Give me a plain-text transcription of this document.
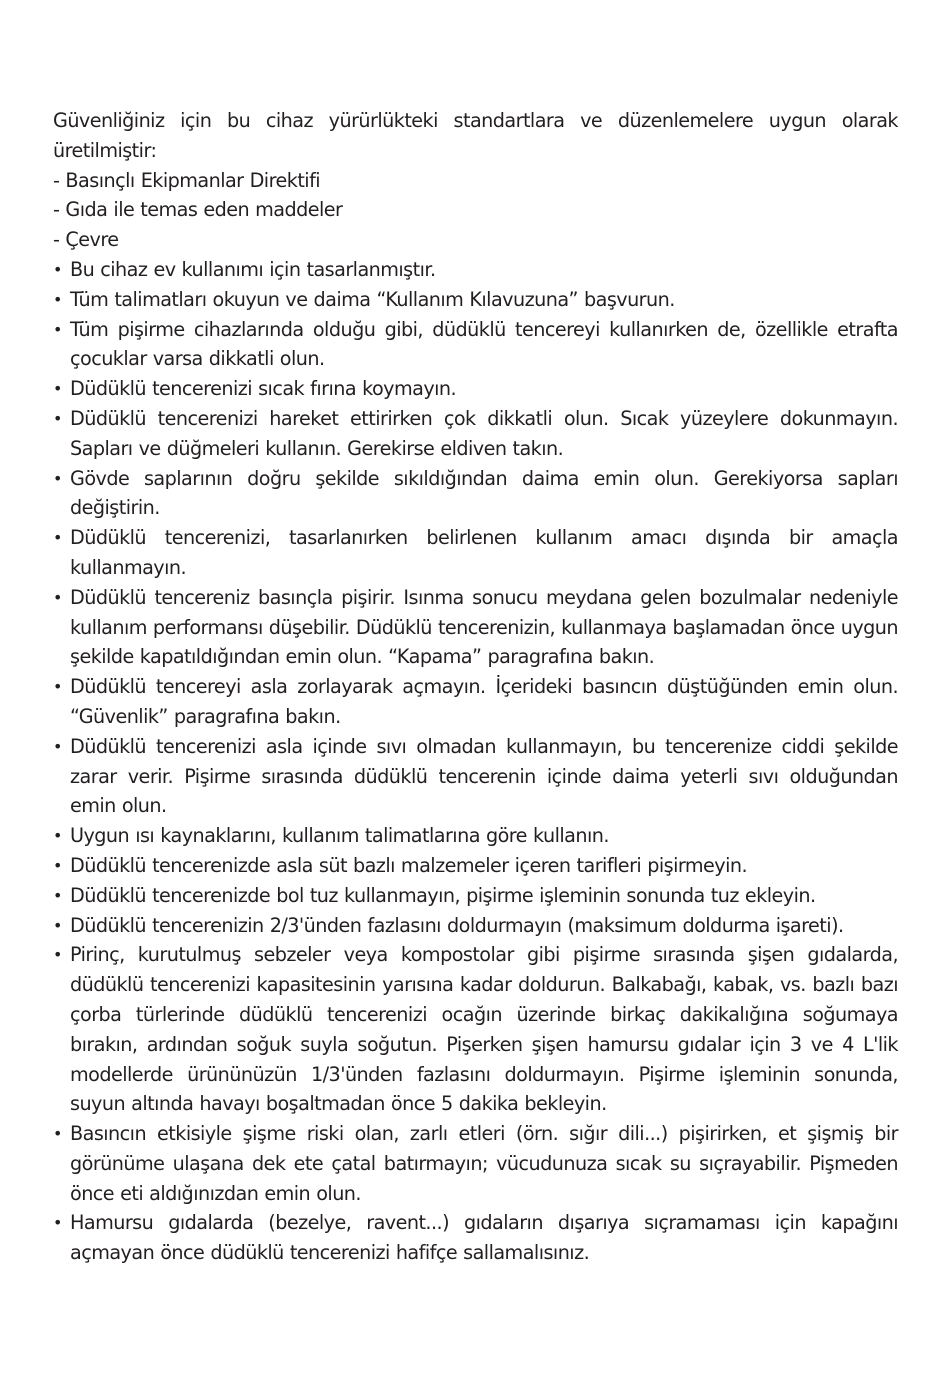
Güvenliğiniz için bu cihaz yürürlükteki standartlara ve düzenlemelere uygun olarak üretilmiştir:

- Basınçlı Ekipmanlar Direktifi
- Gıda ile temas eden maddeler
- Çevre
• Bu cihaz ev kullanımı için tasarlanmıştır.
• Tüm talimatları okuyun ve daima “Kullanım Kılavuzuna” başvurun.
• Tüm pişirme cihazlarında olduğu gibi, düdüklü tencereyi kullanırken de, özellikle etrafta çocuklar varsa dikkatli olun.
• Düdüklü tencerenizi sıcak fırına koymayın.
• Düdüklü tencerenizi hareket ettirirken çok dikkatli olun. Sıcak yüzeylere dokunmayın. Sapları ve düğmeleri kullanın. Gerekirse eldiven takın.
• Gövde saplarının doğru şekilde sıkıldığından daima emin olun. Gerekiyorsa sapları değiştirin.
• Düdüklü tencerenizi, tasarlanırken belirlenen kullanım amacı dışında bir amaçla kullanmayın.
• Düdüklü tencereniz basınçla pişirir. Isınma sonucu meydana gelen bozulmalar nedeniyle kullanım performansı düşebilir. Düdüklü tencerenizin, kullanmaya başlamadan önce uygun şekilde kapatıldığından emin olun. “Kapama” paragrafına bakın.
• Düdüklü tencereyi asla zorlayarak açmayın. İçerideki basıncın düştüğünden emin olun. “Güvenlik” paragrafına bakın.
• Düdüklü tencerenizi asla içinde sıvı olmadan kullanmayın, bu tencerenize ciddi şekilde zarar verir. Pişirme sırasında düdüklü tencerenin içinde daima yeterli sıvı olduğundan emin olun.
• Uygun ısı kaynaklarını, kullanım talimatlarına göre kullanın.
• Düdüklü tencerenizde asla süt bazlı malzemeler içeren tarifleri pişirmeyin.
• Düdüklü tencerenizde bol tuz kullanmayın, pişirme işleminin sonunda tuz ekleyin.
• Düdüklü tencerenizin 2/3'ünden fazlasını doldurmayın (maksimum doldurma işareti).
• Pirinç, kurutulmuş sebzeler veya kompostolar gibi pişirme sırasında şişen gıdalarda, düdüklü tencerenizi kapasitesinin yarısına kadar doldurun. Balkabağı, kabak, vs. bazlı bazı çorba türlerinde düdüklü tencerenizi ocağın üzerinde birkaç dakikalığına soğumaya bırakın, ardından soğuk suyla soğutun. Pişerken şişen hamursu gıdalar için 3 ve 4 L'lik modellerde ürününüzün 1/3'ünden fazlasını doldurmayın. Pişirme işleminin sonunda, suyun altında havayı boşaltmadan önce 5 dakika bekleyin.
• Basıncın etkisiyle şişme riski olan, zarlı etleri (örn. sığır dili...) pişirirken, et şişmiş bir görünüme ulaşana dek ete çatal batırmayın; vücudunuza sıcak su sıçrayabilir. Pişmeden önce eti aldığınızdan emin olun.
• Hamursu gıdalarda (bezelye, ravent...) gıdaların dışarıya sıçramaması için kapağını açmayan önce düdüklü tencerenizi hafifçe sallamalısınız.
